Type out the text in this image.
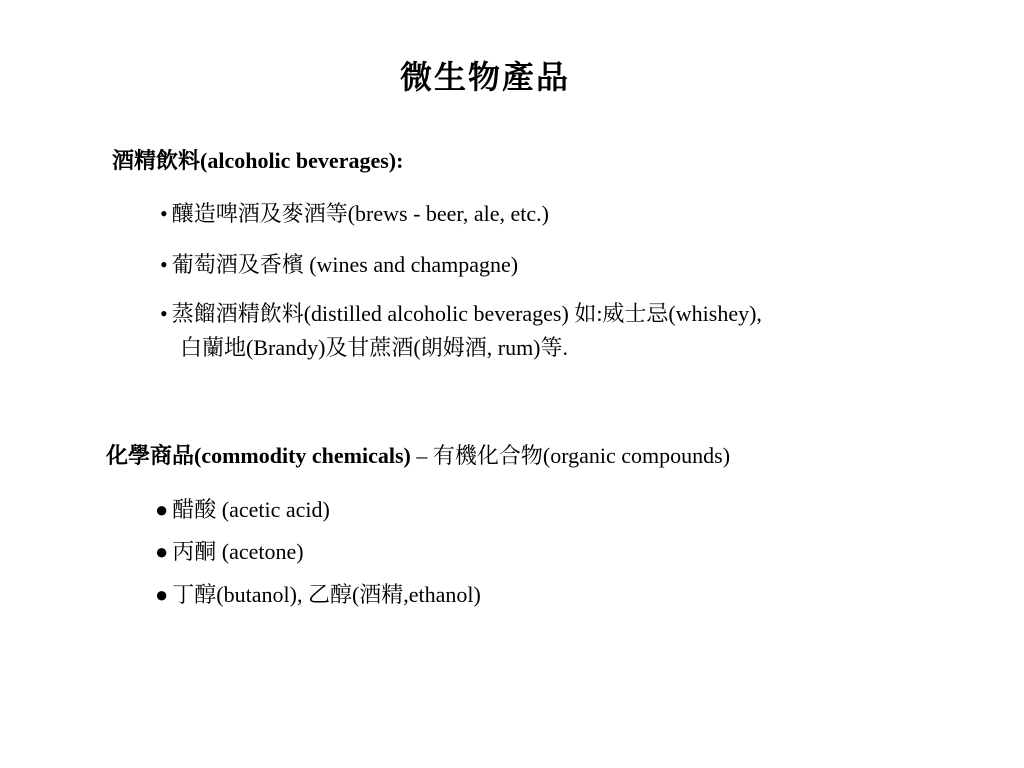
微生物產品
酒精飲料(alcoholic beverages):
• 釀造啤酒及麥酒等(brews - beer, ale, etc.)
• 葡萄酒及香檳 (wines and champagne)
• 蒸餾酒精飲料(distilled alcoholic beverages) 如:威士忌(whishey),
白蘭地(Brandy)及甘蔗酒(朗姆酒, rum)等.
化學商品(commodity chemicals) – 有機化合物(organic compounds)
● 醋酸 (acetic acid)
● 丙酮 (acetone)
● 丁醇(butanol), 乙醇(酒精,ethanol)
